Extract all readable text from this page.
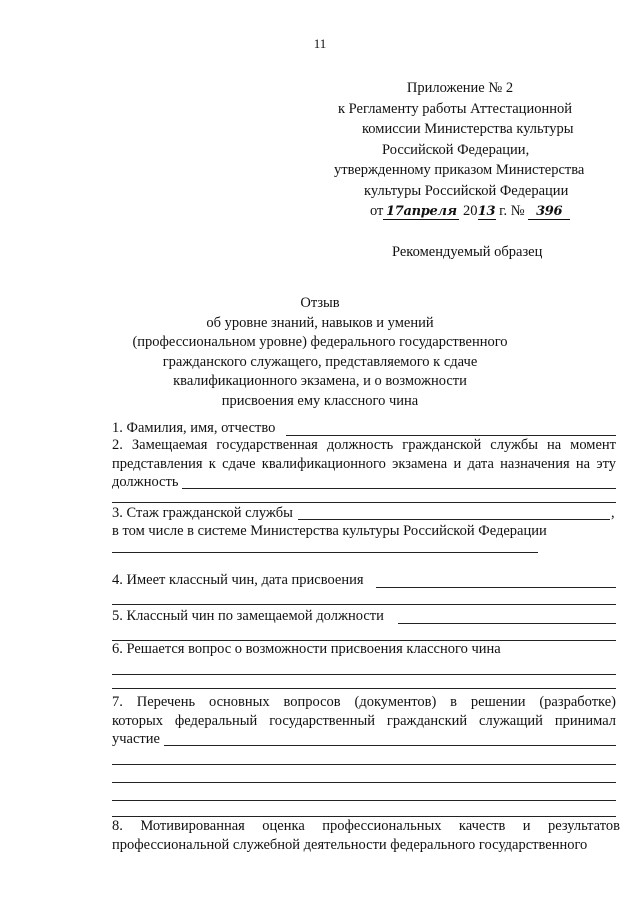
11
Приложение № 2
к Регламенту работы Аттестационной
комиссии Министерства культуры
Российской Федерации,
утвержденному приказом Министерства
культуры Российской Федерации
от 17апреля 2013 г. № 396
Рекомендуемый образец
Отзыв
об уровне знаний, навыков и умений
(профессиональном уровне) федерального государственного
гражданского служащего, представляемого к сдаче
квалификационного экзамена, и о возможности
присвоения ему классного чина
1. Фамилия, имя, отчество
2. Замещаемая государственная должность гражданской службы на момент
представления к сдаче квалификационного экзамена и дата назначения на эту
должность
3. Стаж гражданской службы	,
в том числе в системе Министерства культуры Российской Федерации
4. Имеет классный чин, дата присвоения
5. Классный чин по замещаемой должности
6. Решается вопрос о возможности присвоения классного чина
7. Перечень основных вопросов (документов) в решении (разработке)
которых федеральный государственный гражданский служащий принимал
участие
8. Мотивированная оценка профессиональных качеств и результатов
профессиональной служебной деятельности федерального государственного
